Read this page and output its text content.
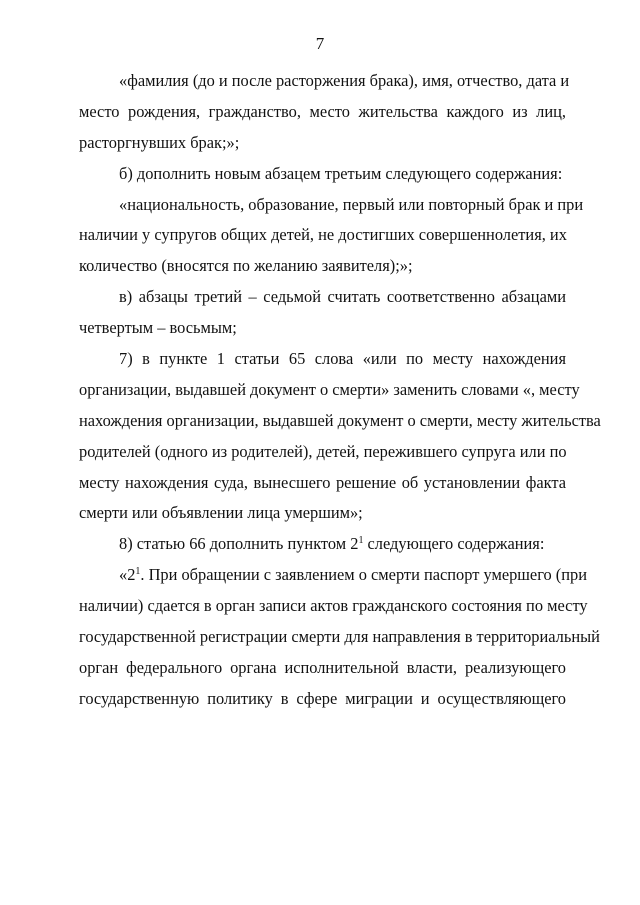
7
«фамилия (до и после расторжения брака), имя, отчество, дата и
место рождения, гражданство, место жительства каждого из лиц,
расторгнувших брак;»;
б) дополнить новым абзацем третьим следующего содержания:
«национальность, образование, первый или повторный брак и при
наличии у супругов общих детей, не достигших совершеннолетия, их
количество (вносятся по желанию заявителя);»;
в) абзацы третий – седьмой считать соответственно абзацами
четвертым – восьмым;
7) в пункте 1 статьи 65 слова «или по месту нахождения
организации, выдавшей документ о смерти» заменить словами «, месту
нахождения организации, выдавшей документ о смерти, месту жительства
родителей (одного из родителей), детей, пережившего супруга или по
месту нахождения суда, вынесшего решение об установлении факта
смерти или объявлении лица умершим»;
8) статью 66 дополнить пунктом $2^1$ следующего содержания:
«$2^1$. При обращении с заявлением о смерти паспорт умершего (при
наличии) сдается в орган записи актов гражданского состояния по месту
государственной регистрации смерти для направления в территориальный
орган федерального органа исполнительной власти, реализующего
государственную политику в сфере миграции и осуществляющего
